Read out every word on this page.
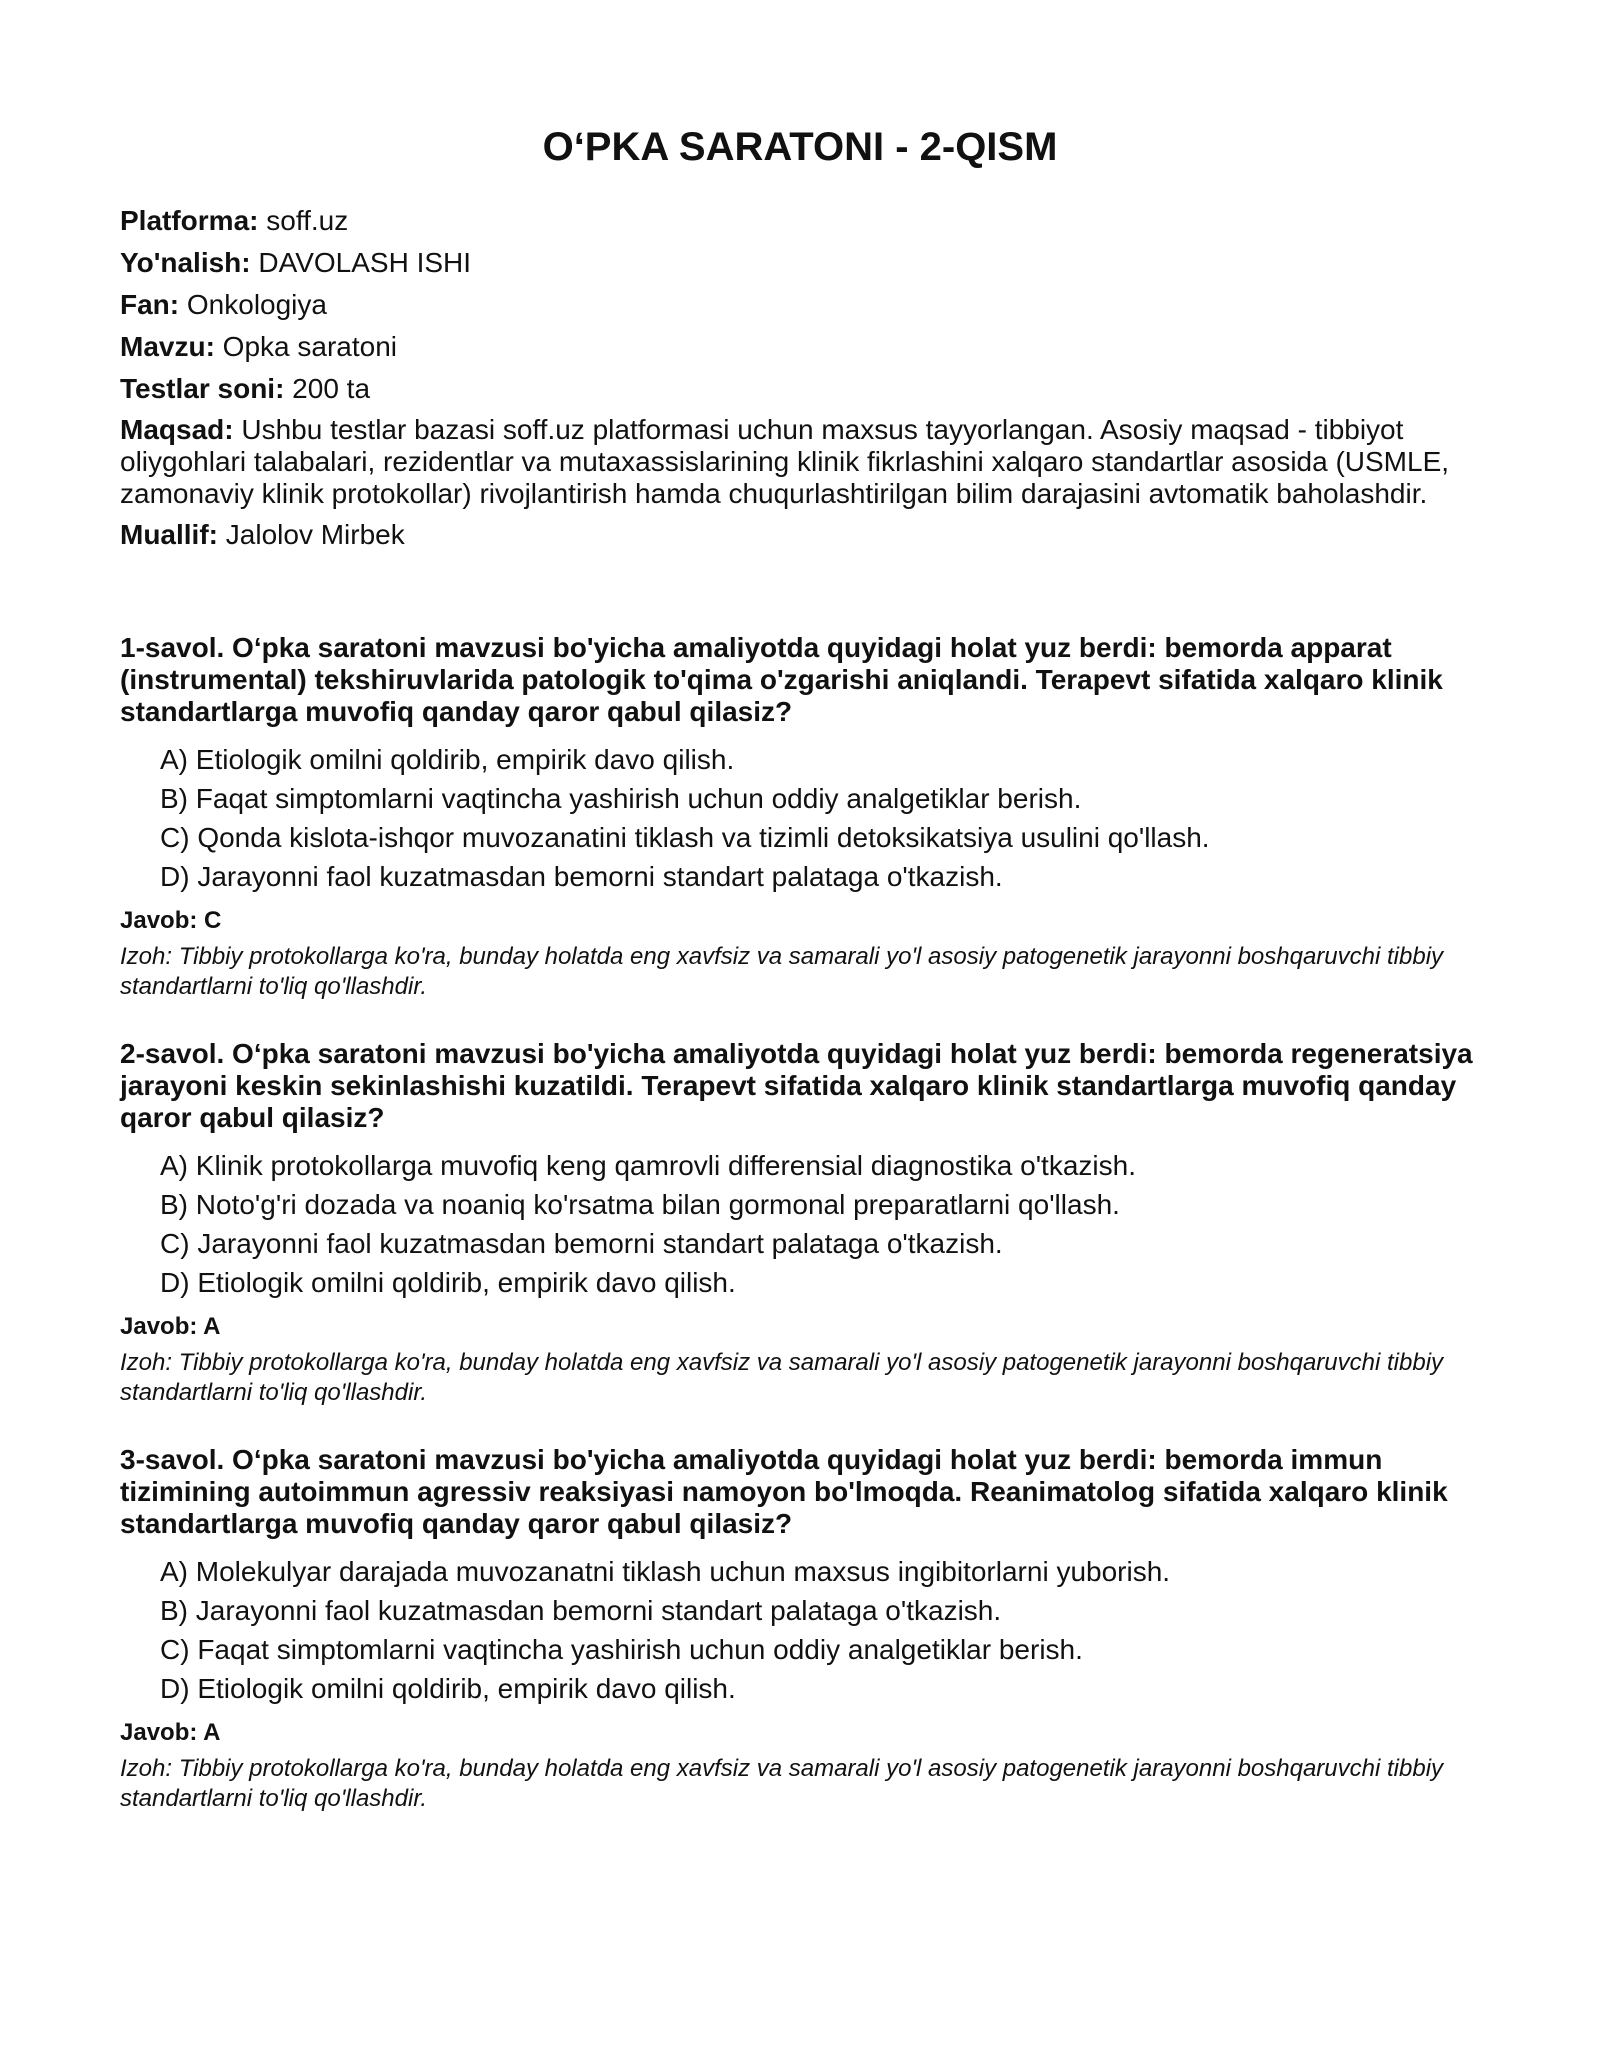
O‘PKA SARATONI - 2-QISM
Platforma: soff.uz
Yo'nalish: DAVOLASH ISHI
Fan: Onkologiya
Mavzu: Opka saratoni
Testlar soni: 200 ta
Maqsad: Ushbu testlar bazasi soff.uz platformasi uchun maxsus tayyorlangan. Asosiy maqsad - tibbiyot oliygohlari talabalari, rezidentlar va mutaxassislarining klinik fikrlashini xalqaro standartlar asosida (USMLE, zamonaviy klinik protokollar) rivojlantirish hamda chuqurlashtirilgan bilim darajasini avtomatik baholashdir.
Muallif: Jalolov Mirbek
1-savol. O‘pka saratoni mavzusi bo'yicha amaliyotda quyidagi holat yuz berdi: bemorda apparat (instrumental) tekshiruvlarida patologik to'qima o'zgarishi aniqlandi. Terapevt sifatida xalqaro klinik standartlarga muvofiq qanday qaror qabul qilasiz?
A) Etiologik omilni qoldirib, empirik davo qilish.
B) Faqat simptomlarni vaqtincha yashirish uchun oddiy analgetiklar berish.
C) Qonda kislota-ishqor muvozanatini tiklash va tizimli detoksikatsiya usulini qo'llash.
D) Jarayonni faol kuzatmasdan bemorni standart palataga o'tkazish.
Javob: C
Izoh: Tibbiy protokollarga ko'ra, bunday holatda eng xavfsiz va samarali yo'l asosiy patogenetik jarayonni boshqaruvchi tibbiy standartlarni to'liq qo'llashdir.
2-savol. O‘pka saratoni mavzusi bo'yicha amaliyotda quyidagi holat yuz berdi: bemorda regeneratsiya jarayoni keskin sekinlashishi kuzatildi. Terapevt sifatida xalqaro klinik standartlarga muvofiq qanday qaror qabul qilasiz?
A) Klinik protokollarga muvofiq keng qamrovli differensial diagnostika o'tkazish.
B) Noto'g'ri dozada va noaniq ko'rsatma bilan gormonal preparatlarni qo'llash.
C) Jarayonni faol kuzatmasdan bemorni standart palataga o'tkazish.
D) Etiologik omilni qoldirib, empirik davo qilish.
Javob: A
Izoh: Tibbiy protokollarga ko'ra, bunday holatda eng xavfsiz va samarali yo'l asosiy patogenetik jarayonni boshqaruvchi tibbiy standartlarni to'liq qo'llashdir.
3-savol. O‘pka saratoni mavzusi bo'yicha amaliyotda quyidagi holat yuz berdi: bemorda immun tizimining autoimmun agressiv reaksiyasi namoyon bo'lmoqda. Reanimatolog sifatida xalqaro klinik standartlarga muvofiq qanday qaror qabul qilasiz?
A) Molekulyar darajada muvozanatni tiklash uchun maxsus ingibitorlarni yuborish.
B) Jarayonni faol kuzatmasdan bemorni standart palataga o'tkazish.
C) Faqat simptomlarni vaqtincha yashirish uchun oddiy analgetiklar berish.
D) Etiologik omilni qoldirib, empirik davo qilish.
Javob: A
Izoh: Tibbiy protokollarga ko'ra, bunday holatda eng xavfsiz va samarali yo'l asosiy patogenetik jarayonni boshqaruvchi tibbiy standartlarni to'liq qo'llashdir.
